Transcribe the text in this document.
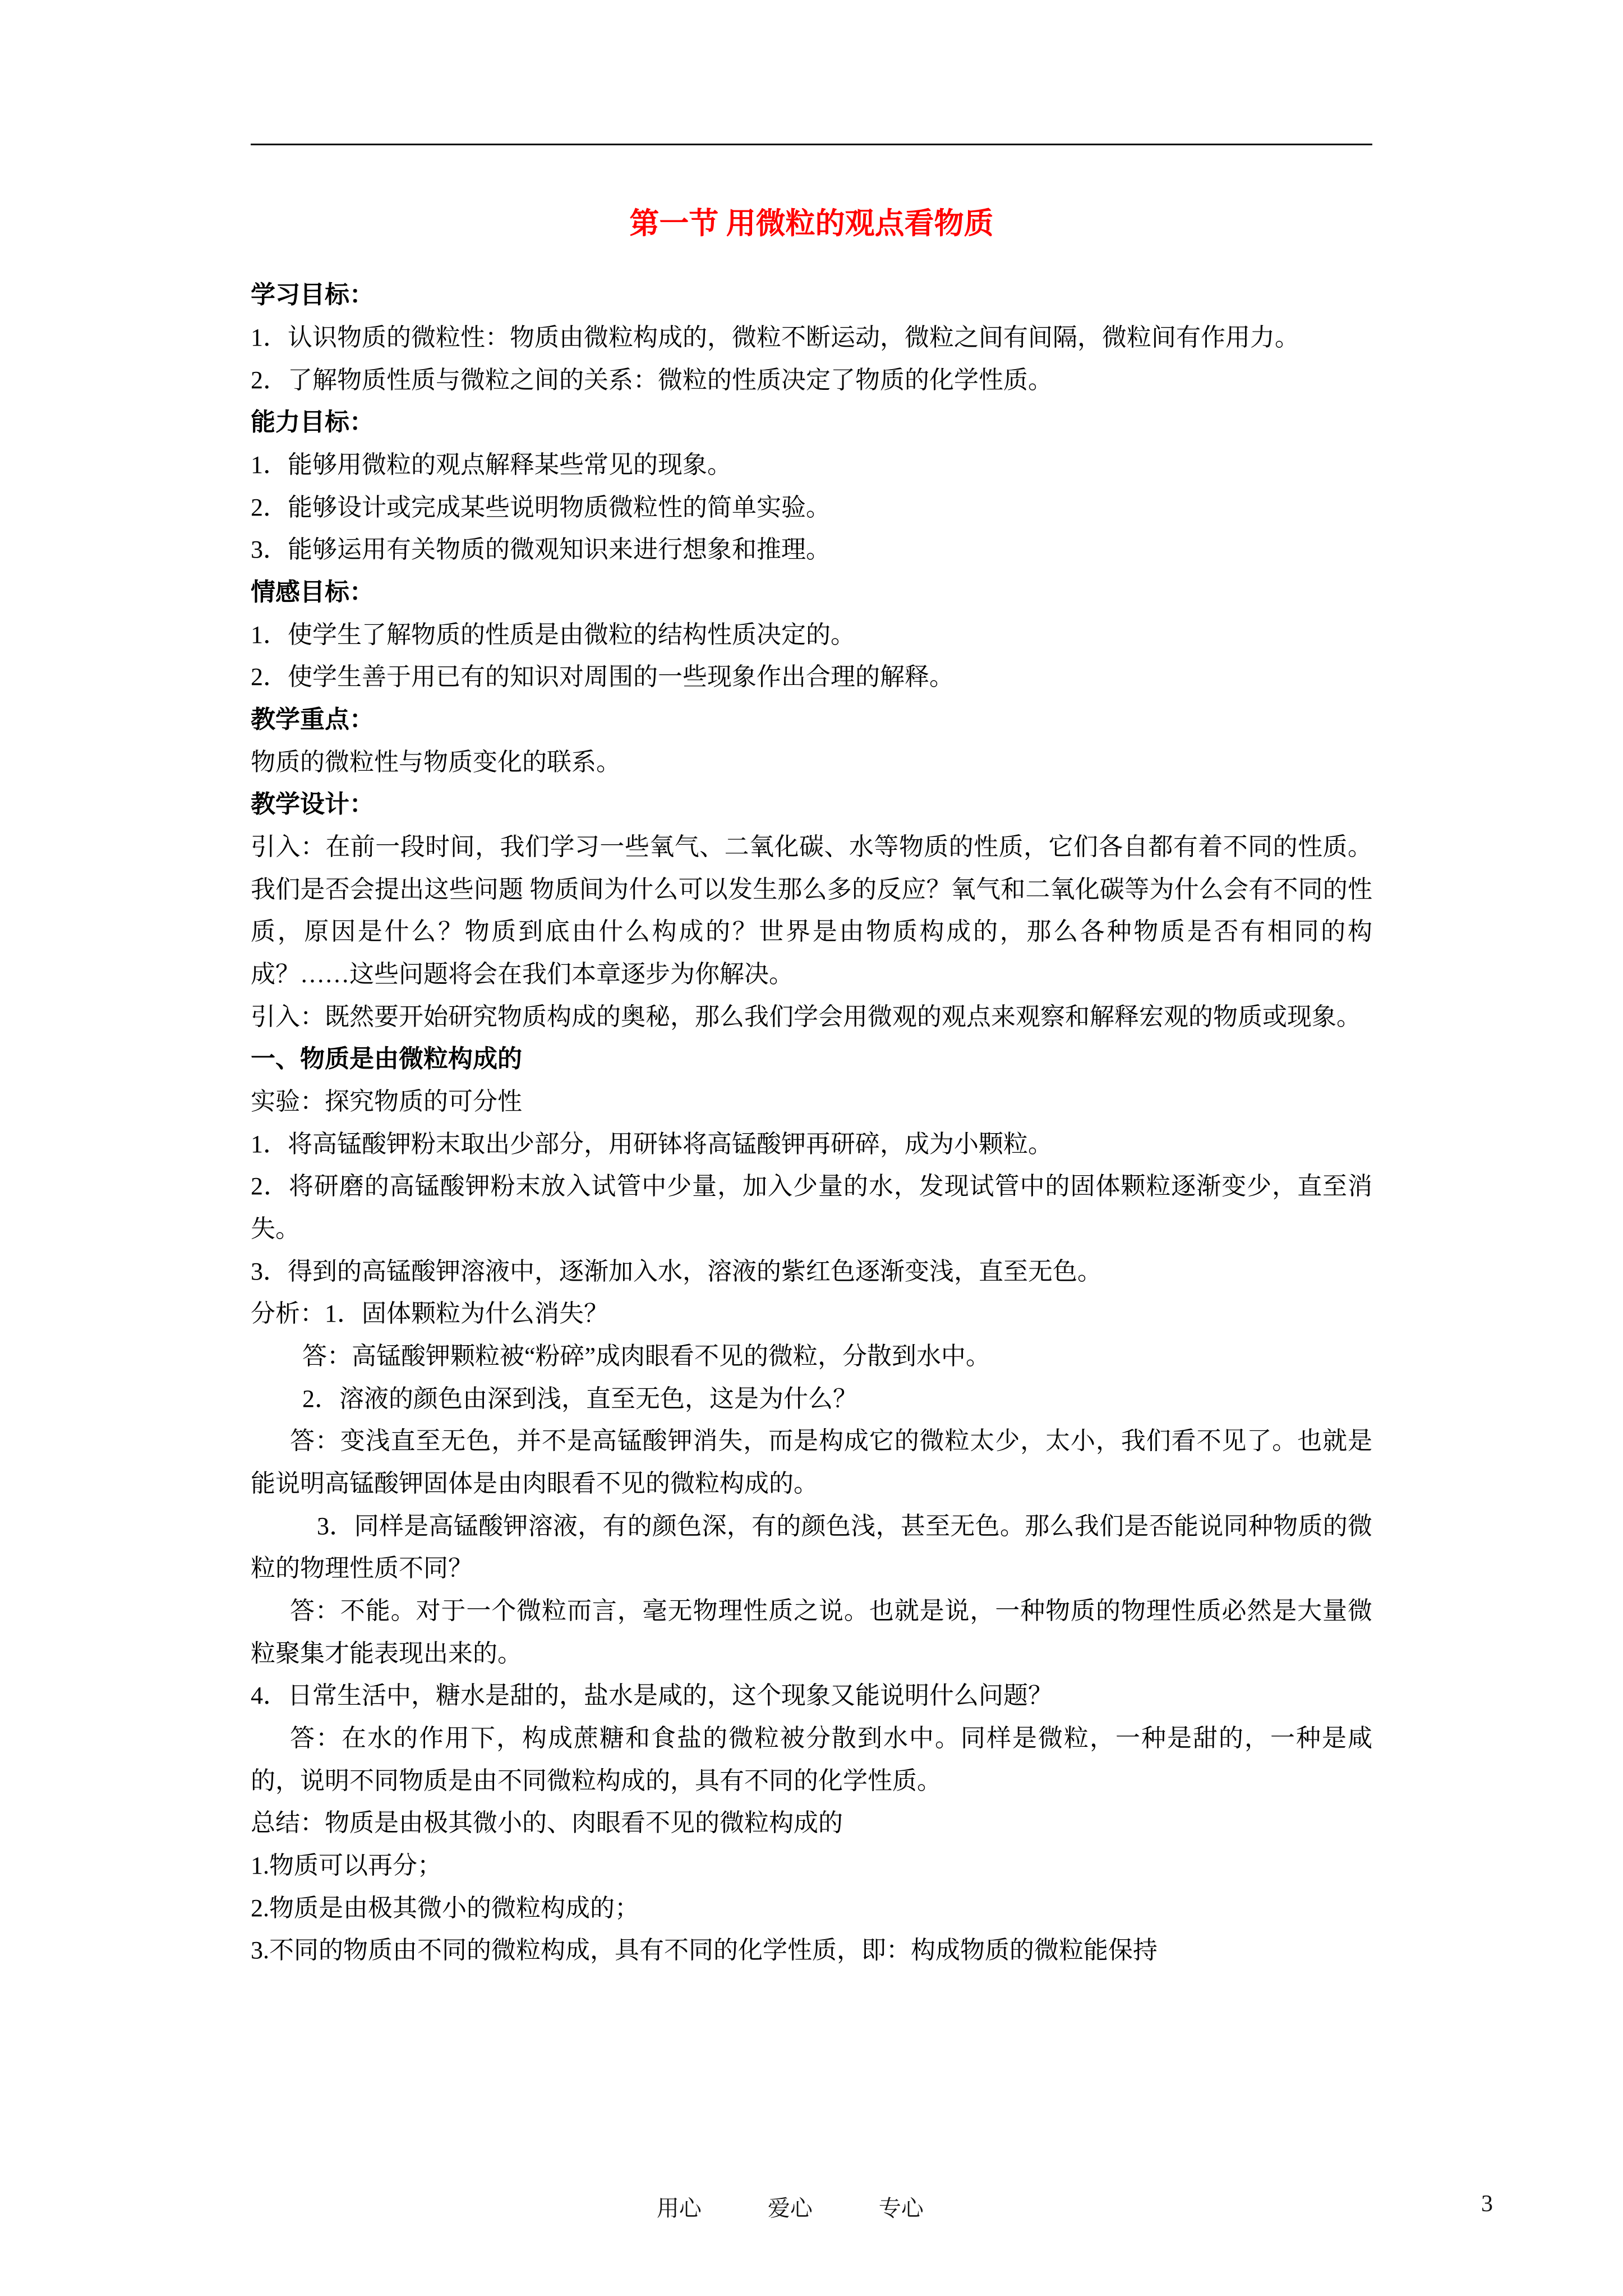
第一节 用微粒的观点看物质

学习目标：

1．认识物质的微粒性：物质由微粒构成的，微粒不断运动，微粒之间有间隔，微粒间有作用力。

2．了解物质性质与微粒之间的关系：微粒的性质决定了物质的化学性质。

能力目标：

1．能够用微粒的观点解释某些常见的现象。

2．能够设计或完成某些说明物质微粒性的简单实验。

3．能够运用有关物质的微观知识来进行想象和推理。

情感目标：

1．使学生了解物质的性质是由微粒的结构性质决定的。

2．使学生善于用已有的知识对周围的一些现象作出合理的解释。

教学重点：

物质的微粒性与物质变化的联系。

教学设计：

引入：在前一段时间，我们学习一些氧气、二氧化碳、水等物质的性质，它们各自都有着不同的性质。我们是否会提出这些问题 物质间为什么可以发生那么多的反应？氧气和二氧化碳等为什么会有不同的性质，原因是什么？物质到底由什么构成的？世界是由物质构成的，那么各种物质是否有相同的构成？……这些问题将会在我们本章逐步为你解决。

引入：既然要开始研究物质构成的奥秘，那么我们学会用微观的观点来观察和解释宏观的物质或现象。

一、物质是由微粒构成的

实验：探究物质的可分性

1．将高锰酸钾粉末取出少部分，用研钵将高锰酸钾再研碎，成为小颗粒。

2．将研磨的高锰酸钾粉末放入试管中少量，加入少量的水，发现试管中的固体颗粒逐渐变少，直至消失。

3．得到的高锰酸钾溶液中，逐渐加入水，溶液的紫红色逐渐变浅，直至无色。

分析：1．固体颗粒为什么消失？

答：高锰酸钾颗粒被“粉碎”成肉眼看不见的微粒，分散到水中。

2．溶液的颜色由深到浅，直至无色，这是为什么？

答：变浅直至无色，并不是高锰酸钾消失，而是构成它的微粒太少，太小，我们看不见了。也就是能说明高锰酸钾固体是由肉眼看不见的微粒构成的。

3．同样是高锰酸钾溶液，有的颜色深，有的颜色浅，甚至无色。那么我们是否能说同种物质的微粒的物理性质不同？

答：不能。对于一个微粒而言，毫无物理性质之说。也就是说，一种物质的物理性质必然是大量微粒聚集才能表现出来的。

4．日常生活中，糖水是甜的，盐水是咸的，这个现象又能说明什么问题？

答：在水的作用下，构成蔗糖和食盐的微粒被分散到水中。同样是微粒，一种是甜的，一种是咸的，说明不同物质是由不同微粒构成的，具有不同的化学性质。

总结：物质是由极其微小的、肉眼看不见的微粒构成的

1.物质可以再分；

2.物质是由极其微小的微粒构成的；

3.不同的物质由不同的微粒构成，具有不同的化学性质，即：构成物质的微粒能保持

用心	爱心	专心	3
